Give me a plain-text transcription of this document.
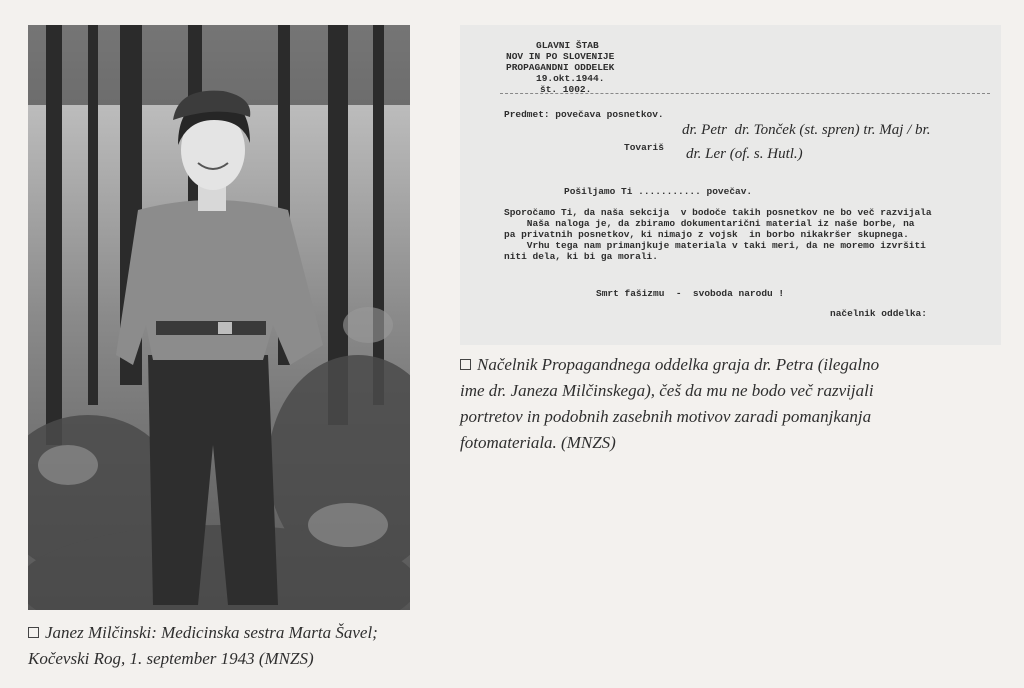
GLAVNI ŠTAB
NOV IN PO SLOVENIJE
PROPAGANDNI ODDELEK
19.okt.1944.
št. 1002.
Predmet: povečava posnetkov.
Tovariš
dr. Petr  dr. Tonček (st. spren) tr. Maj / br.
dr. Ler (of. s. Hutl.)
Pošiljamo Ti ........... povečav.
Sporočamo Ti, da naša sekcija  v bodoče takih posnetkov ne bo več razvijala
Naša naloga je, da zbiramo dokumentarični material iz naše borbe, na
pa privatnih posnetkov, ki nimajo z vojsk  in borbo nikakršer skupnega.
Vrhu tega nam primanjkuje materiala v taki meri, da ne moremo izvršiti
niti dela, ki bi ga morali.
Smrt fašizmu  -  svoboda narodu !
načelnik oddelka:
Načelnik Propagandnega oddelka graja dr. Petra (ilegalno
ime dr. Janeza Milčinskega), češ da mu ne bodo več razvijali
portretov in podobnih zasebnih motivov zaradi pomanjkanja
fotomateriala. (MNZS)
Janez Milčinski: Medicinska sestra Marta Šavel;
Kočevski Rog, 1. september 1943 (MNZS)
